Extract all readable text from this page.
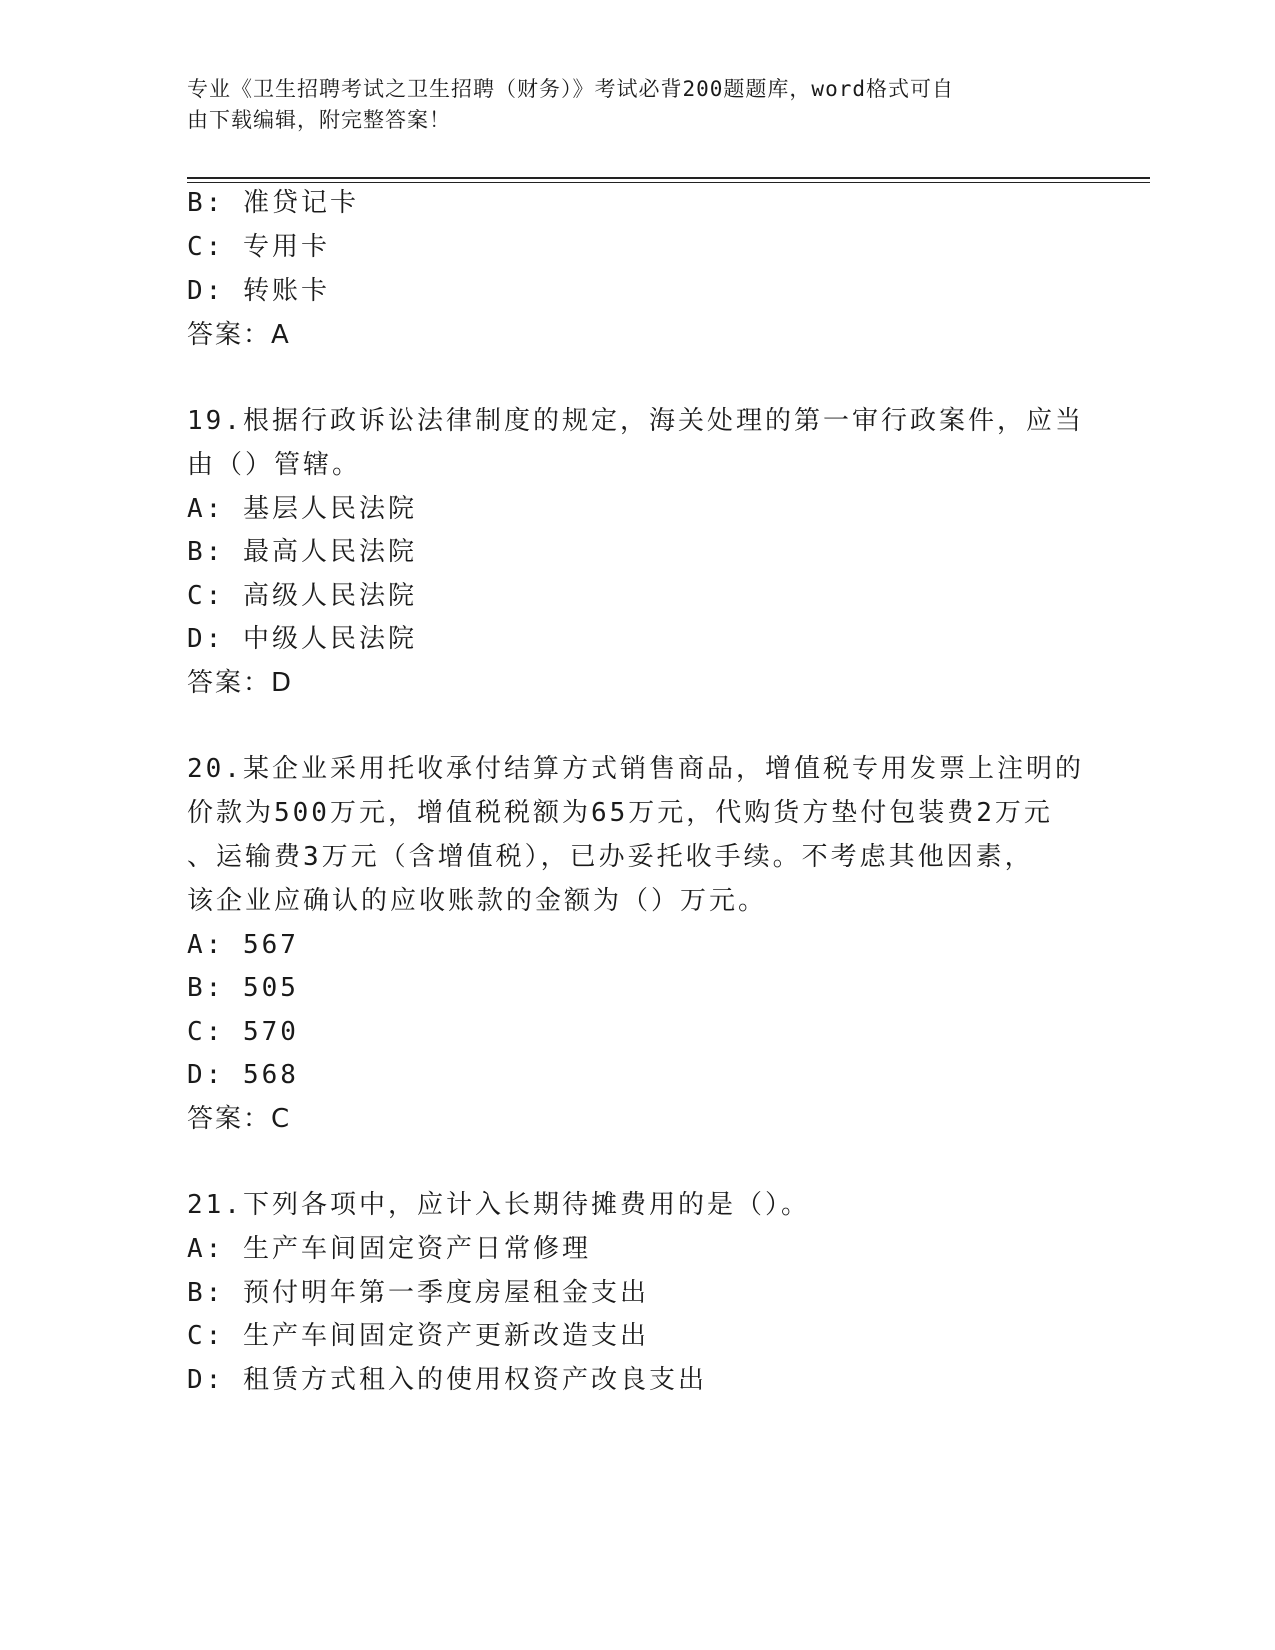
专业《卫生招聘考试之卫生招聘（财务）》考试必背200题题库，word格式可自
由下载编辑，附完整答案！
B: 准贷记卡
C: 专用卡
D: 转账卡
答案：A
19.根据行政诉讼法律制度的规定，海关处理的第一审行政案件，应当
由（）管辖。
A: 基层人民法院
B: 最高人民法院
C: 高级人民法院
D: 中级人民法院
答案：D
20.某企业采用托收承付结算方式销售商品，增值税专用发票上注明的
价款为500万元，增值税税额为65万元，代购货方垫付包装费2万元
、运输费3万元（含增值税），已办妥托收手续。不考虑其他因素，
该企业应确认的应收账款的金额为（）万元。
A: 567
B: 505
C: 570
D: 568
答案：C
21.下列各项中，应计入长期待摊费用的是（）。
A: 生产车间固定资产日常修理
B: 预付明年第一季度房屋租金支出
C: 生产车间固定资产更新改造支出
D: 租赁方式租入的使用权资产改良支出
